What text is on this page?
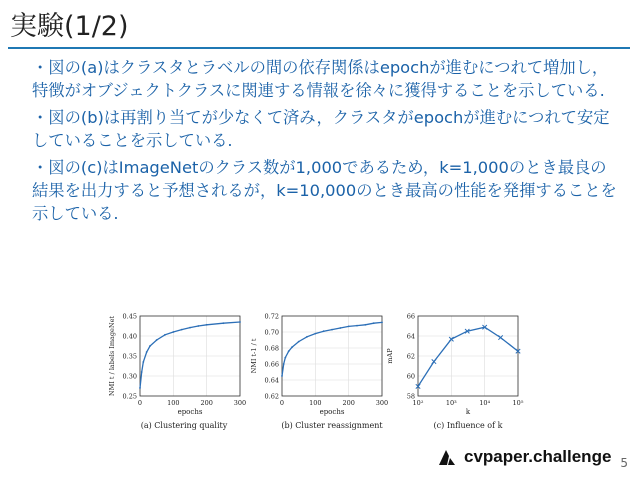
実験(1/2)
・図の(a)はクラスタとラベルの間の依存関係はepochが進むにつれて増加し，特徴がオブジェクトクラスに関連する情報を徐々に獲得することを示している.
・図の(b)は再割り当てが少なくて済み，クラスタがepochが進むにつれて安定していることを示している.
・図の(c)はImageNetのクラス数が1,000であるため，k=1,000のとき最良の結果を出力すると予想されるが，k=10,000のとき最高の性能を発揮することを示している.
0.25
0.30
0.35
0.40
0.45
0	100	200	300
epochs
NMI t / labels ImageNet
(a) Clustering quality
0.62
0.64
0.66
0.68
0.70
0.72
0	100	200	300
epochs
NMI t-1 / t
(b) Cluster reassignment
58
60
62
64
66
10²	10³	10⁴	10⁵
k
mAP
(c) Influence of k
cvpaper.challenge 5
